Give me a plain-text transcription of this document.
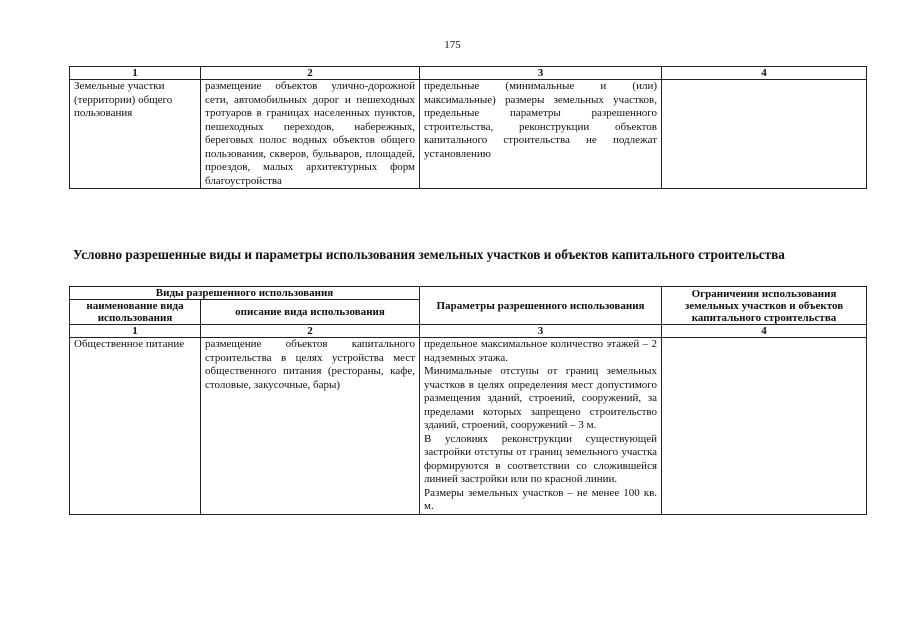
175
1	2	3	4
Земельные участки (территории) общего пользования	размещение объектов улично-дорожной сети, автомобильных дорог и пешеходных тротуаров в границах населенных пунктов, пешеходных переходов, набережных, береговых полос водных объектов общего пользования, скверов, бульваров, площадей, проездов, малых архитектурных форм благоустройства	предельные (минимальные и (или) максимальные) размеры земельных участков, предельные параметры разрешенного строительства, реконструкции объектов капитального строительства не подлежат установлению	
Условно разрешенные виды и параметры использования земельных участков и объектов капитального строительства
Виды разрешенного использования		Параметры разрешенного использования	Ограничения использования земельных участков и объектов капитального строительства
наименование вида использования	описание вида использования		
1	2	3	4
Общественное питание	размещение объектов капитального строительства в целях устройства мест общественного питания (рестораны, кафе, столовые, закусочные, бары)	предельное максимальное количество этажей – 2 надземных этажа.
Минимальные отступы от границ земельных участков в целях определения мест допустимого размещения зданий, строений, сооружений, за пределами которых запрещено строительство зданий, строений, сооружений – 3 м.
В условиях реконструкции существующей застройки отступы от границ земельного участка формируются в соответствии со сложившейся линией застройки или по красной линии.
Размеры земельных участков – не менее 100 кв. м.	
